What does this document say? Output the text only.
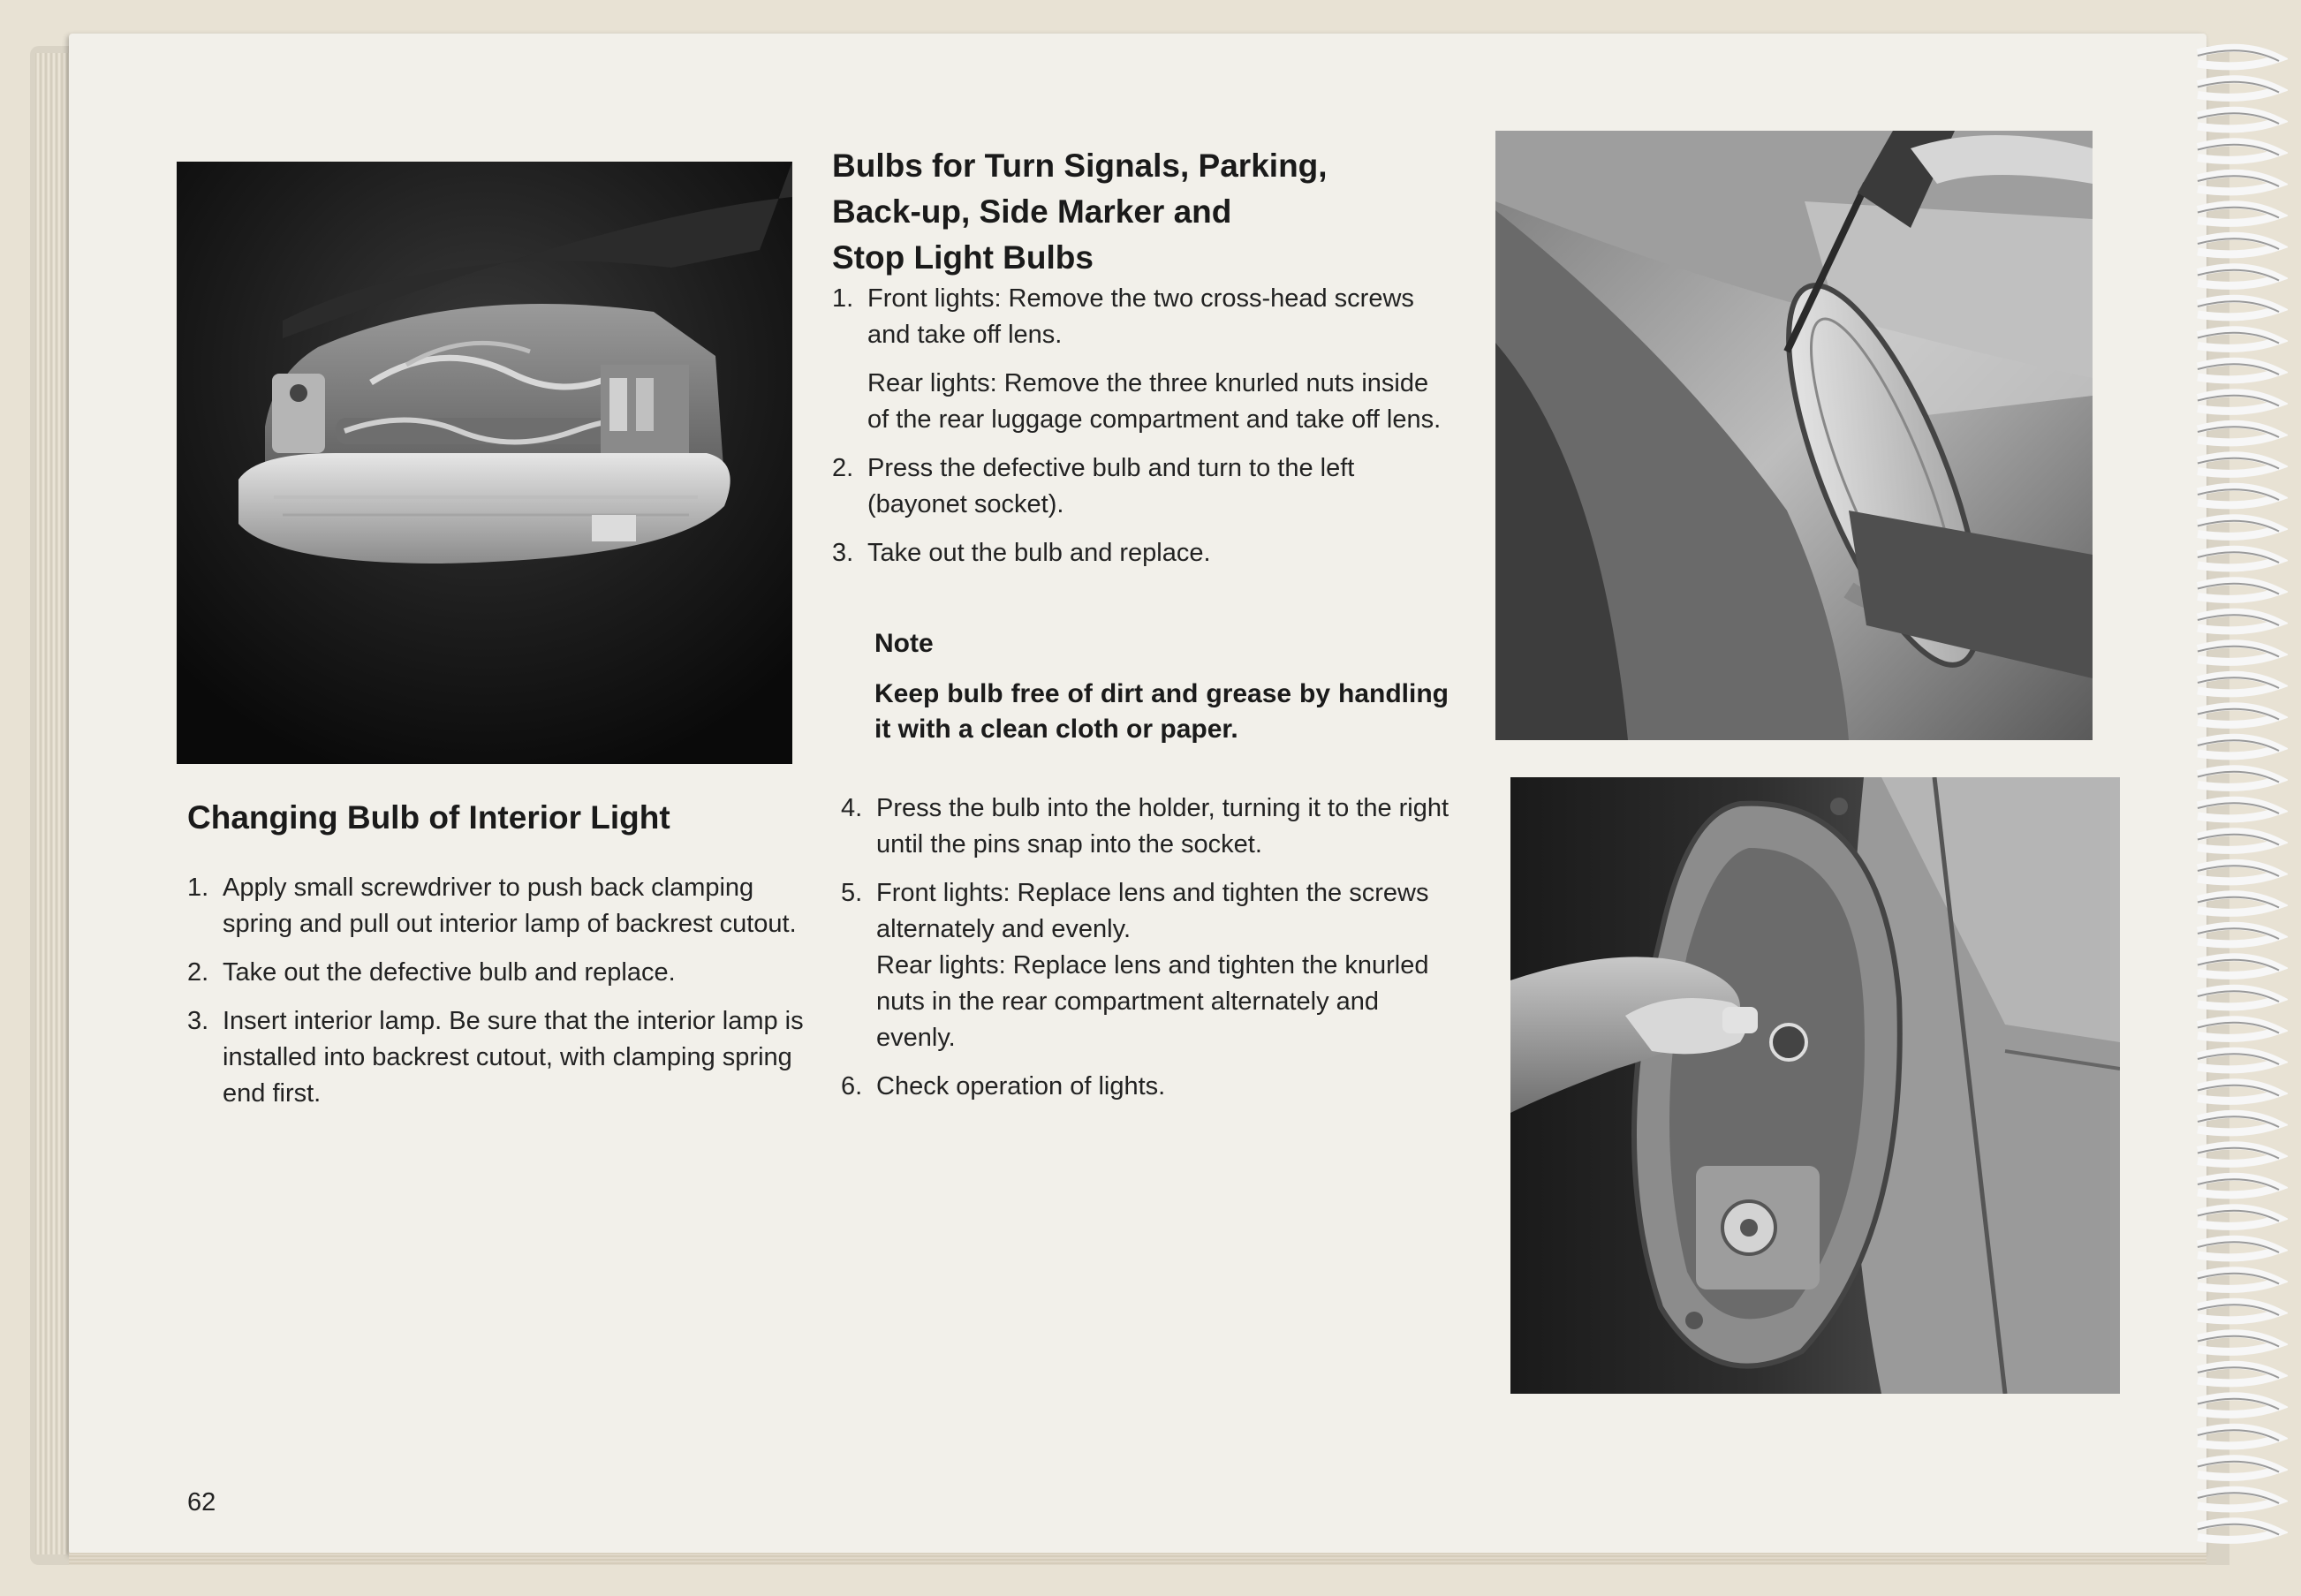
Changing Bulb of Interior Light
1. Apply small screwdriver to push back clamping spring and pull out interior lamp of backrest cutout.
2. Take out the defective bulb and replace.
3. Insert interior lamp. Be sure that the interior lamp is installed into backrest cutout, with clamping spring end first.
Bulbs for Turn Signals, Parking,
Back-up, Side Marker and
Stop Light Bulbs
1. Front lights: Remove the two cross-head screws and take off lens.
Rear lights: Remove the three knurled nuts inside of the rear luggage compartment and take off lens.
2. Press the defective bulb and turn to the left (bayonet socket).
3. Take out the bulb and replace.
Note
Keep bulb free of dirt and grease by handling it with a clean cloth or paper.
4. Press the bulb into the holder, turning it to the right until the pins snap into the socket.
5. Front lights: Replace lens and tighten the screws alternately and evenly.
Rear lights: Replace lens and tighten the knurled nuts in the rear compartment alternately and evenly.
6. Check operation of lights.
62
